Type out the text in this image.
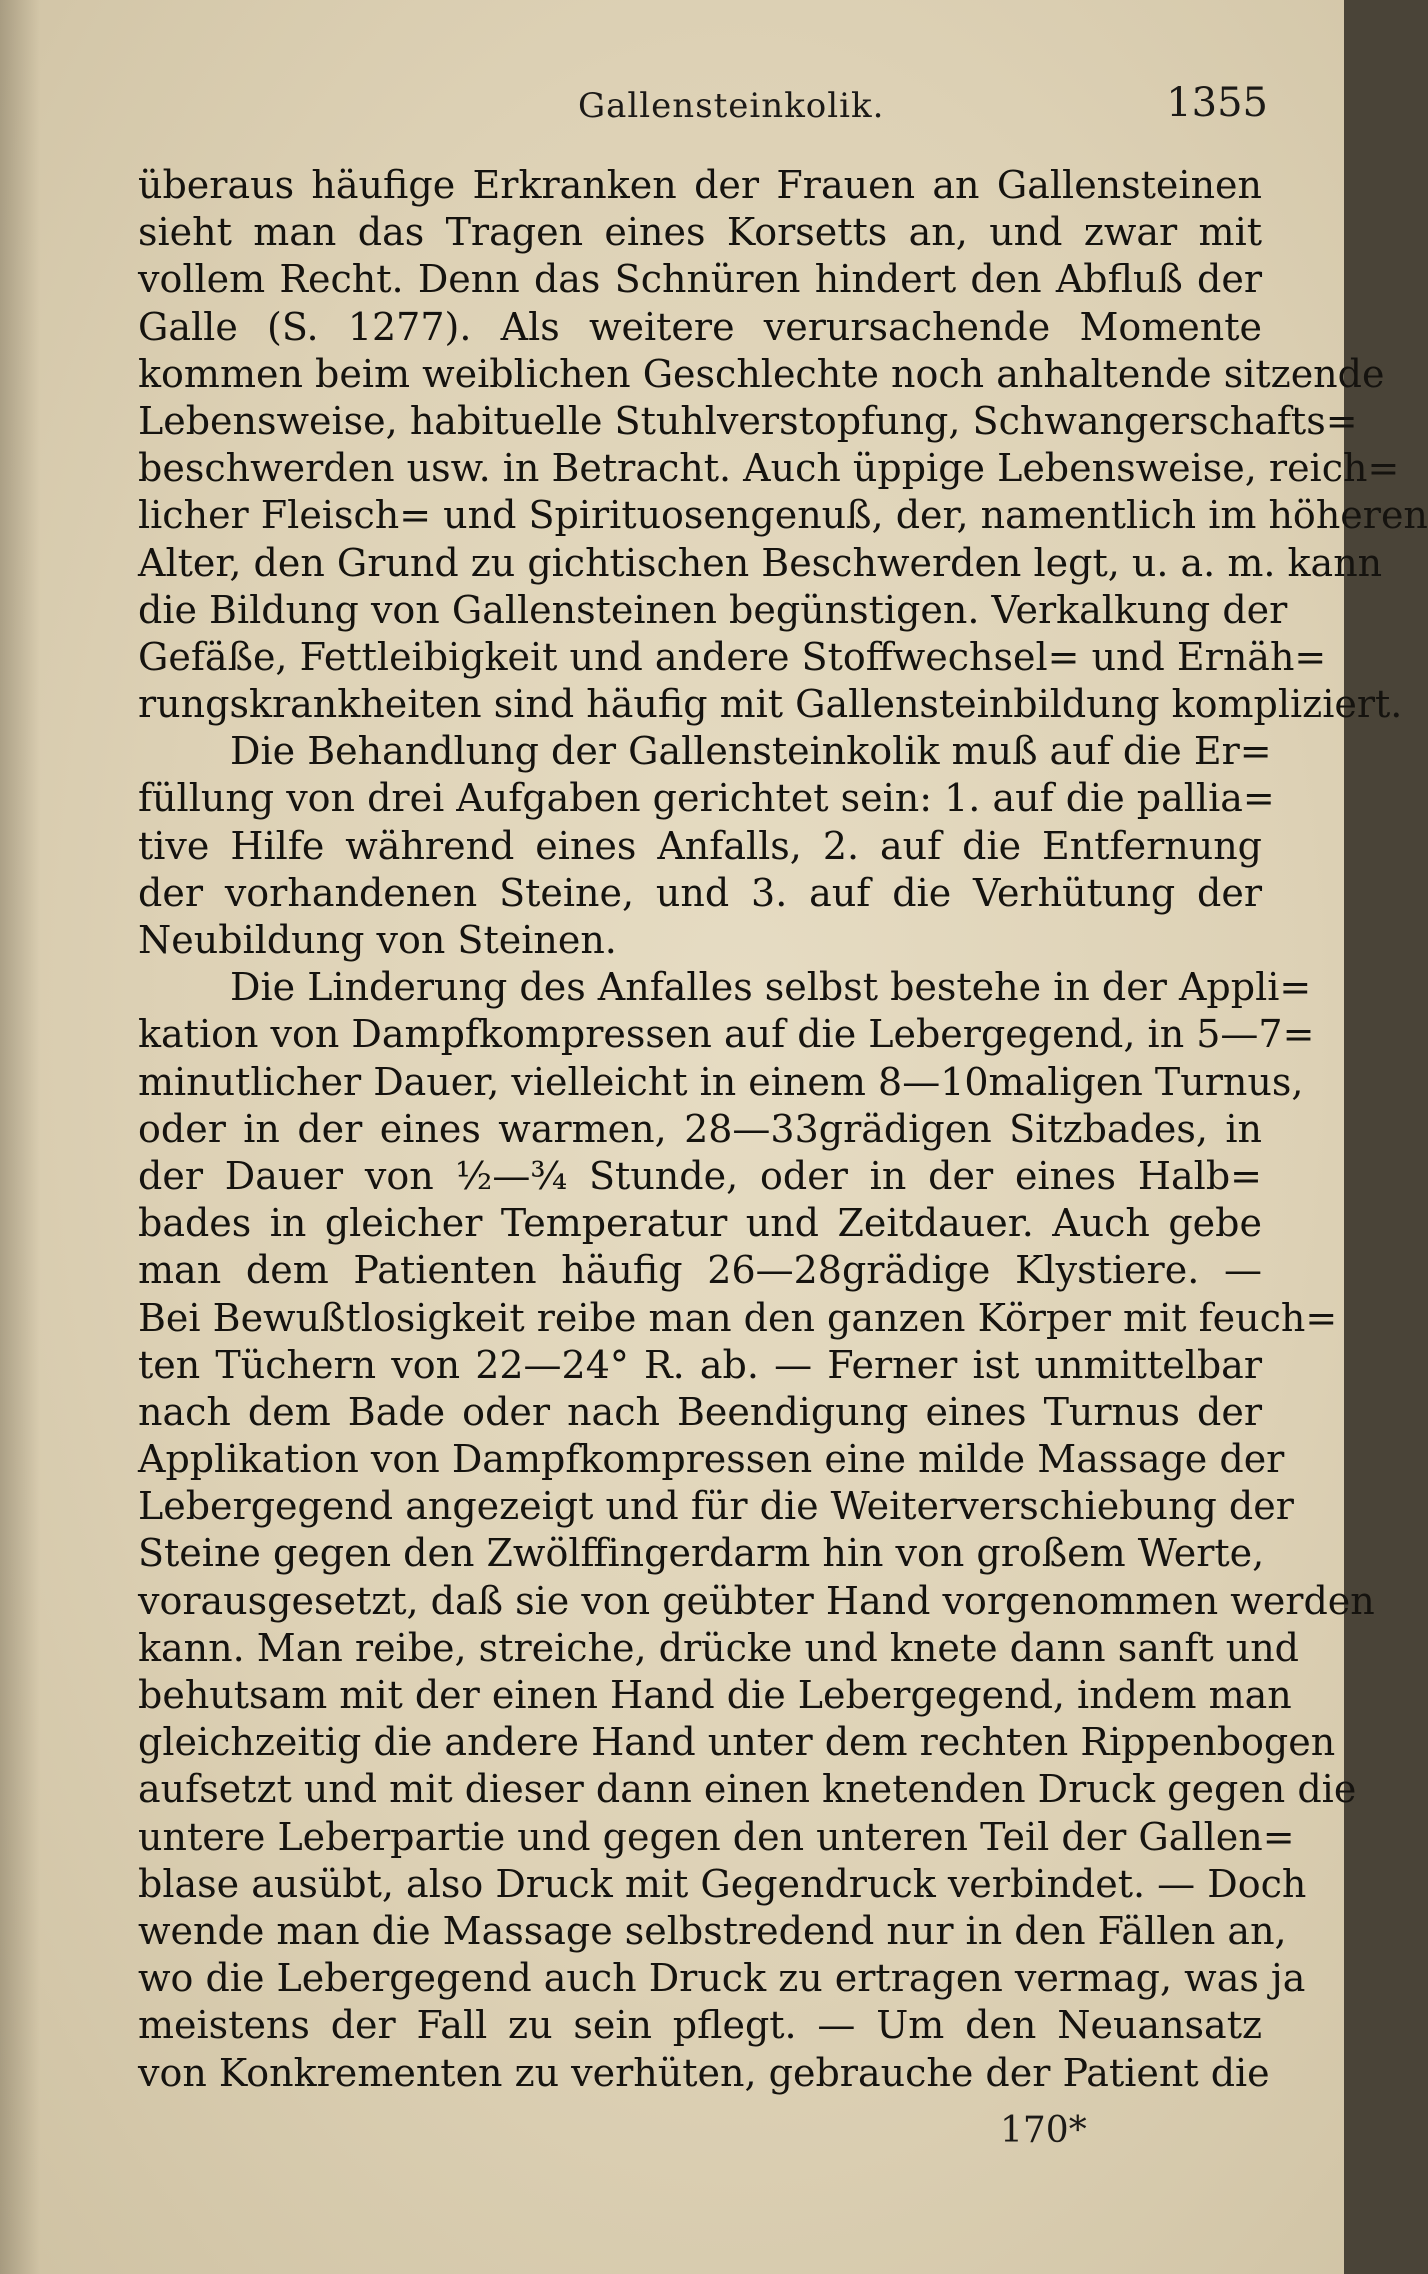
Gallensteinkolik.	1355
überaus häufige Erkranken der Frauen an Gallensteinen
sieht man das Tragen eines Korsetts an, und zwar mit
vollem Recht. Denn das Schnüren hindert den Abfluß der
Galle (S. 1277). Als weitere verursachende Momente
kommen beim weiblichen Geschlechte noch anhaltende sitzende
Lebensweise, habituelle Stuhlverstopfung, Schwangerschafts=
beschwerden usw. in Betracht. Auch üppige Lebensweise, reich=
licher Fleisch= und Spirituosengenuß, der, namentlich im höheren
Alter, den Grund zu gichtischen Beschwerden legt, u. a. m. kann
die Bildung von Gallensteinen begünstigen. Verkalkung der
Gefäße, Fettleibigkeit und andere Stoffwechsel= und Ernäh=
rungskrankheiten sind häufig mit Gallensteinbildung kompliziert.
Die Behandlung der Gallensteinkolik muß auf die Er=
füllung von drei Aufgaben gerichtet sein: 1. auf die pallia=
tive Hilfe während eines Anfalls, 2. auf die Entfernung
der vorhandenen Steine, und 3. auf die Verhütung der
Neubildung von Steinen.
Die Linderung des Anfalles selbst bestehe in der Appli=
kation von Dampfkompressen auf die Lebergegend, in 5—7=
minutlicher Dauer, vielleicht in einem 8—10maligen Turnus,
oder in der eines warmen, 28—33grädigen Sitzbades, in
der Dauer von ½—¾ Stunde, oder in der eines Halb=
bades in gleicher Temperatur und Zeitdauer. Auch gebe
man dem Patienten häufig 26—28grädige Klystiere. —
Bei Bewußtlosigkeit reibe man den ganzen Körper mit feuch=
ten Tüchern von 22—24° R. ab. — Ferner ist unmittelbar
nach dem Bade oder nach Beendigung eines Turnus der
Applikation von Dampfkompressen eine milde Massage der
Lebergegend angezeigt und für die Weiterverschiebung der
Steine gegen den Zwölffingerdarm hin von großem Werte,
vorausgesetzt, daß sie von geübter Hand vorgenommen werden
kann. Man reibe, streiche, drücke und knete dann sanft und
behutsam mit der einen Hand die Lebergegend, indem man
gleichzeitig die andere Hand unter dem rechten Rippenbogen
aufsetzt und mit dieser dann einen knetenden Druck gegen die
untere Leberpartie und gegen den unteren Teil der Gallen=
blase ausübt, also Druck mit Gegendruck verbindet. — Doch
wende man die Massage selbstredend nur in den Fällen an,
wo die Lebergegend auch Druck zu ertragen vermag, was ja
meistens der Fall zu sein pflegt. — Um den Neuansatz
von Konkrementen zu verhüten, gebrauche der Patient die
170*
